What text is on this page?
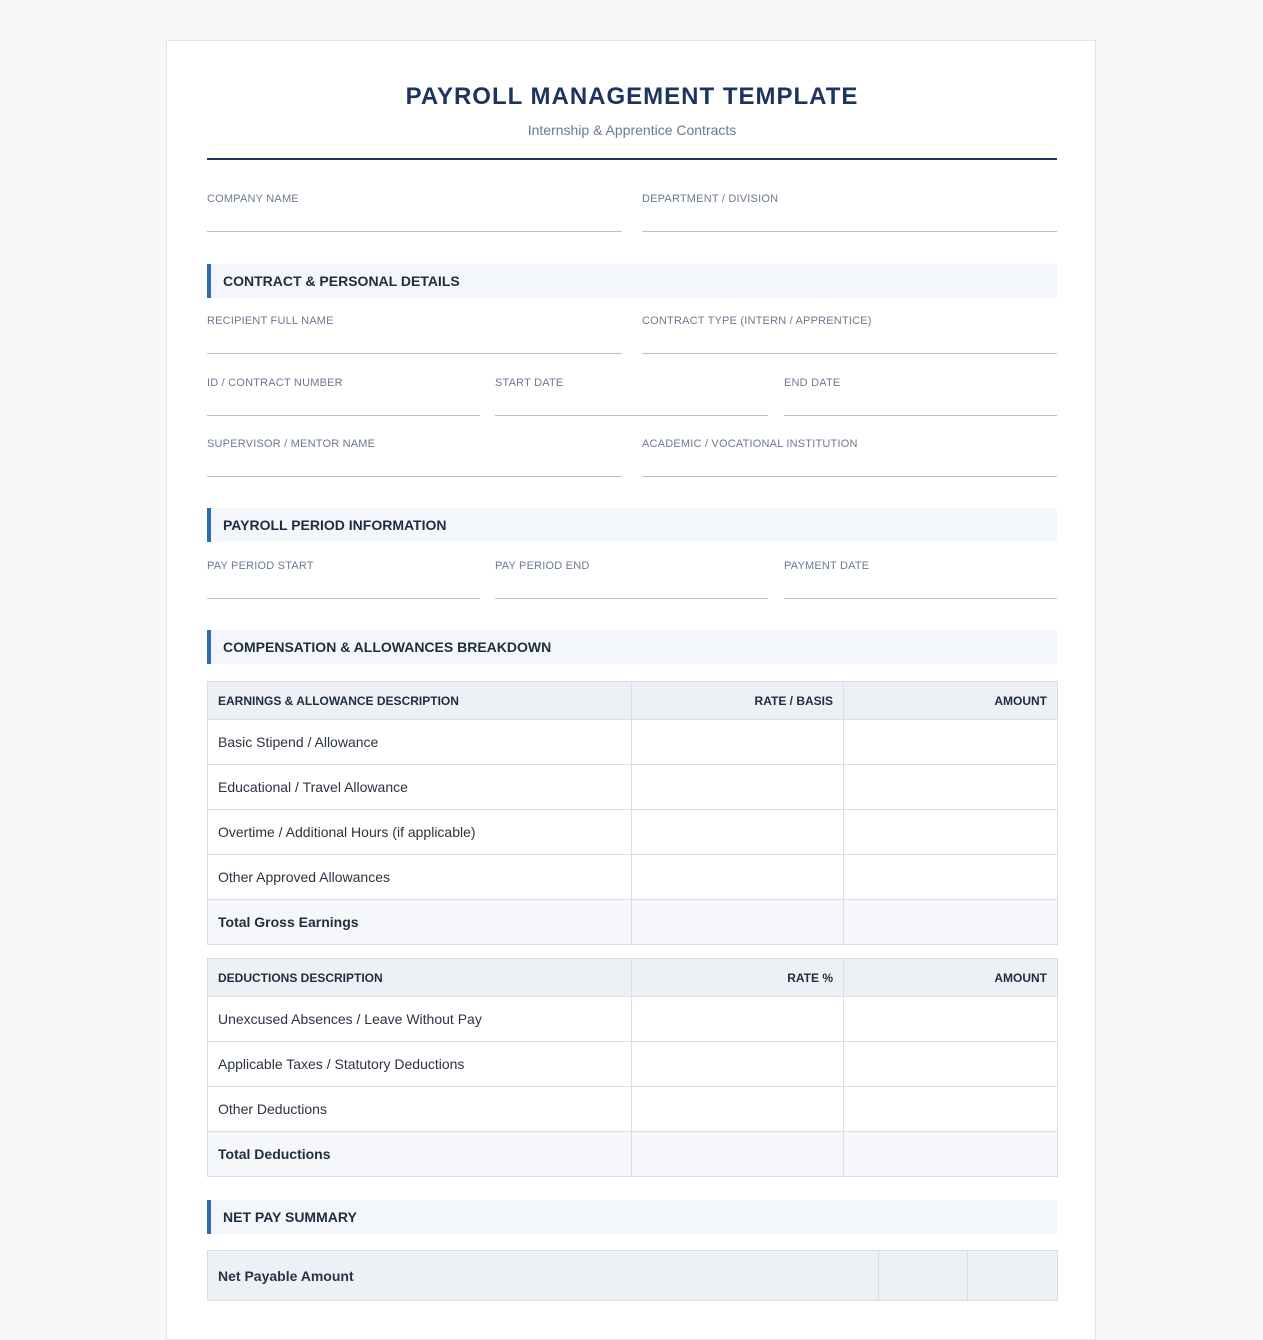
PAYROLL MANAGEMENT TEMPLATE
Internship & Apprentice Contracts
COMPANY NAME	DEPARTMENT / DIVISION
CONTRACT & PERSONAL DETAILS
RECIPIENT FULL NAME	CONTRACT TYPE (INTERN / APPRENTICE)
ID / CONTRACT NUMBER	START DATE	END DATE
SUPERVISOR / MENTOR NAME	ACADEMIC / VOCATIONAL INSTITUTION
PAYROLL PERIOD INFORMATION
PAY PERIOD START	PAY PERIOD END	PAYMENT DATE
COMPENSATION & ALLOWANCES BREAKDOWN
EARNINGS & ALLOWANCE DESCRIPTION	RATE / BASIS	AMOUNT
Basic Stipend / Allowance		
Educational / Travel Allowance		
Overtime / Additional Hours (if applicable)		
Other Approved Allowances		
Total Gross Earnings		
DEDUCTIONS DESCRIPTION	RATE %	AMOUNT
Unexcused Absences / Leave Without Pay		
Applicable Taxes / Statutory Deductions		
Other Deductions		
Total Deductions		
NET PAY SUMMARY
Net Payable Amount		
